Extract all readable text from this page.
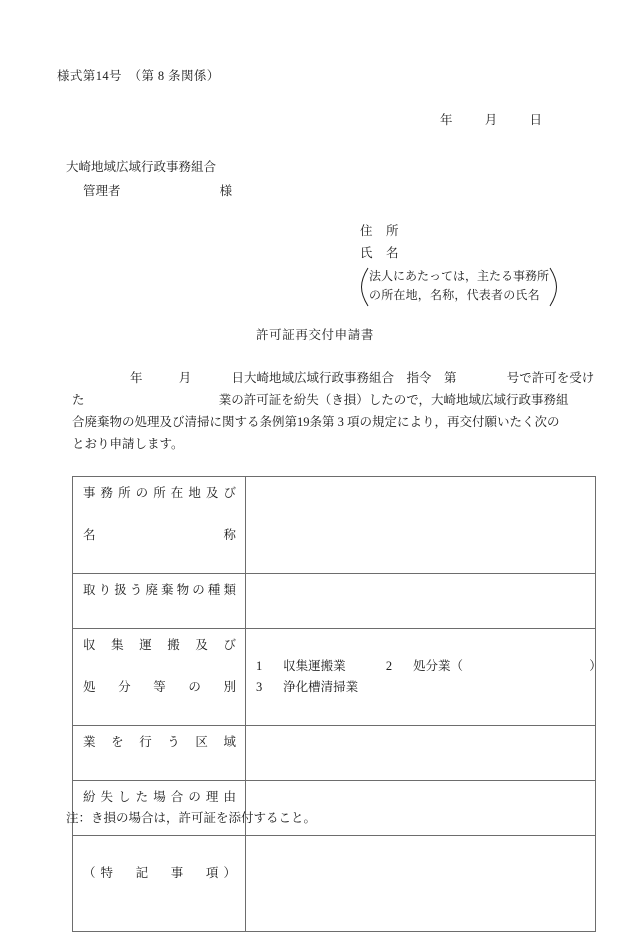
様式第14号　（第 8 条関係）
年	月	日
大崎地域広域行政事務組合
管理者	様
住　所
氏　名
法人にあたっては，主たる事務所
の所在地，名称，代表者の氏名
許可証再交付申請書
年	月	日大崎地域広域行政事務組合　指令　第	号で許可を受け
た	業の許可証を紛失（き損）したので，大崎地域広域行政事務組
合廃棄物の処理及び清掃に関する条例第19条第 3 項の規定により，再交付願いたく次の
とおり申請します。
事務所の所在地及び
名　　　　　　　称	

取り扱う廃棄物の種類	

収集運搬及び
処分等の別	1 収集運搬業 2 処分業（ ）
3 浄化槽清掃業

業を行う区域	

紛失した場合の理由	

（特　記　事　項）	

注：き損の場合は，許可証を添付すること。
